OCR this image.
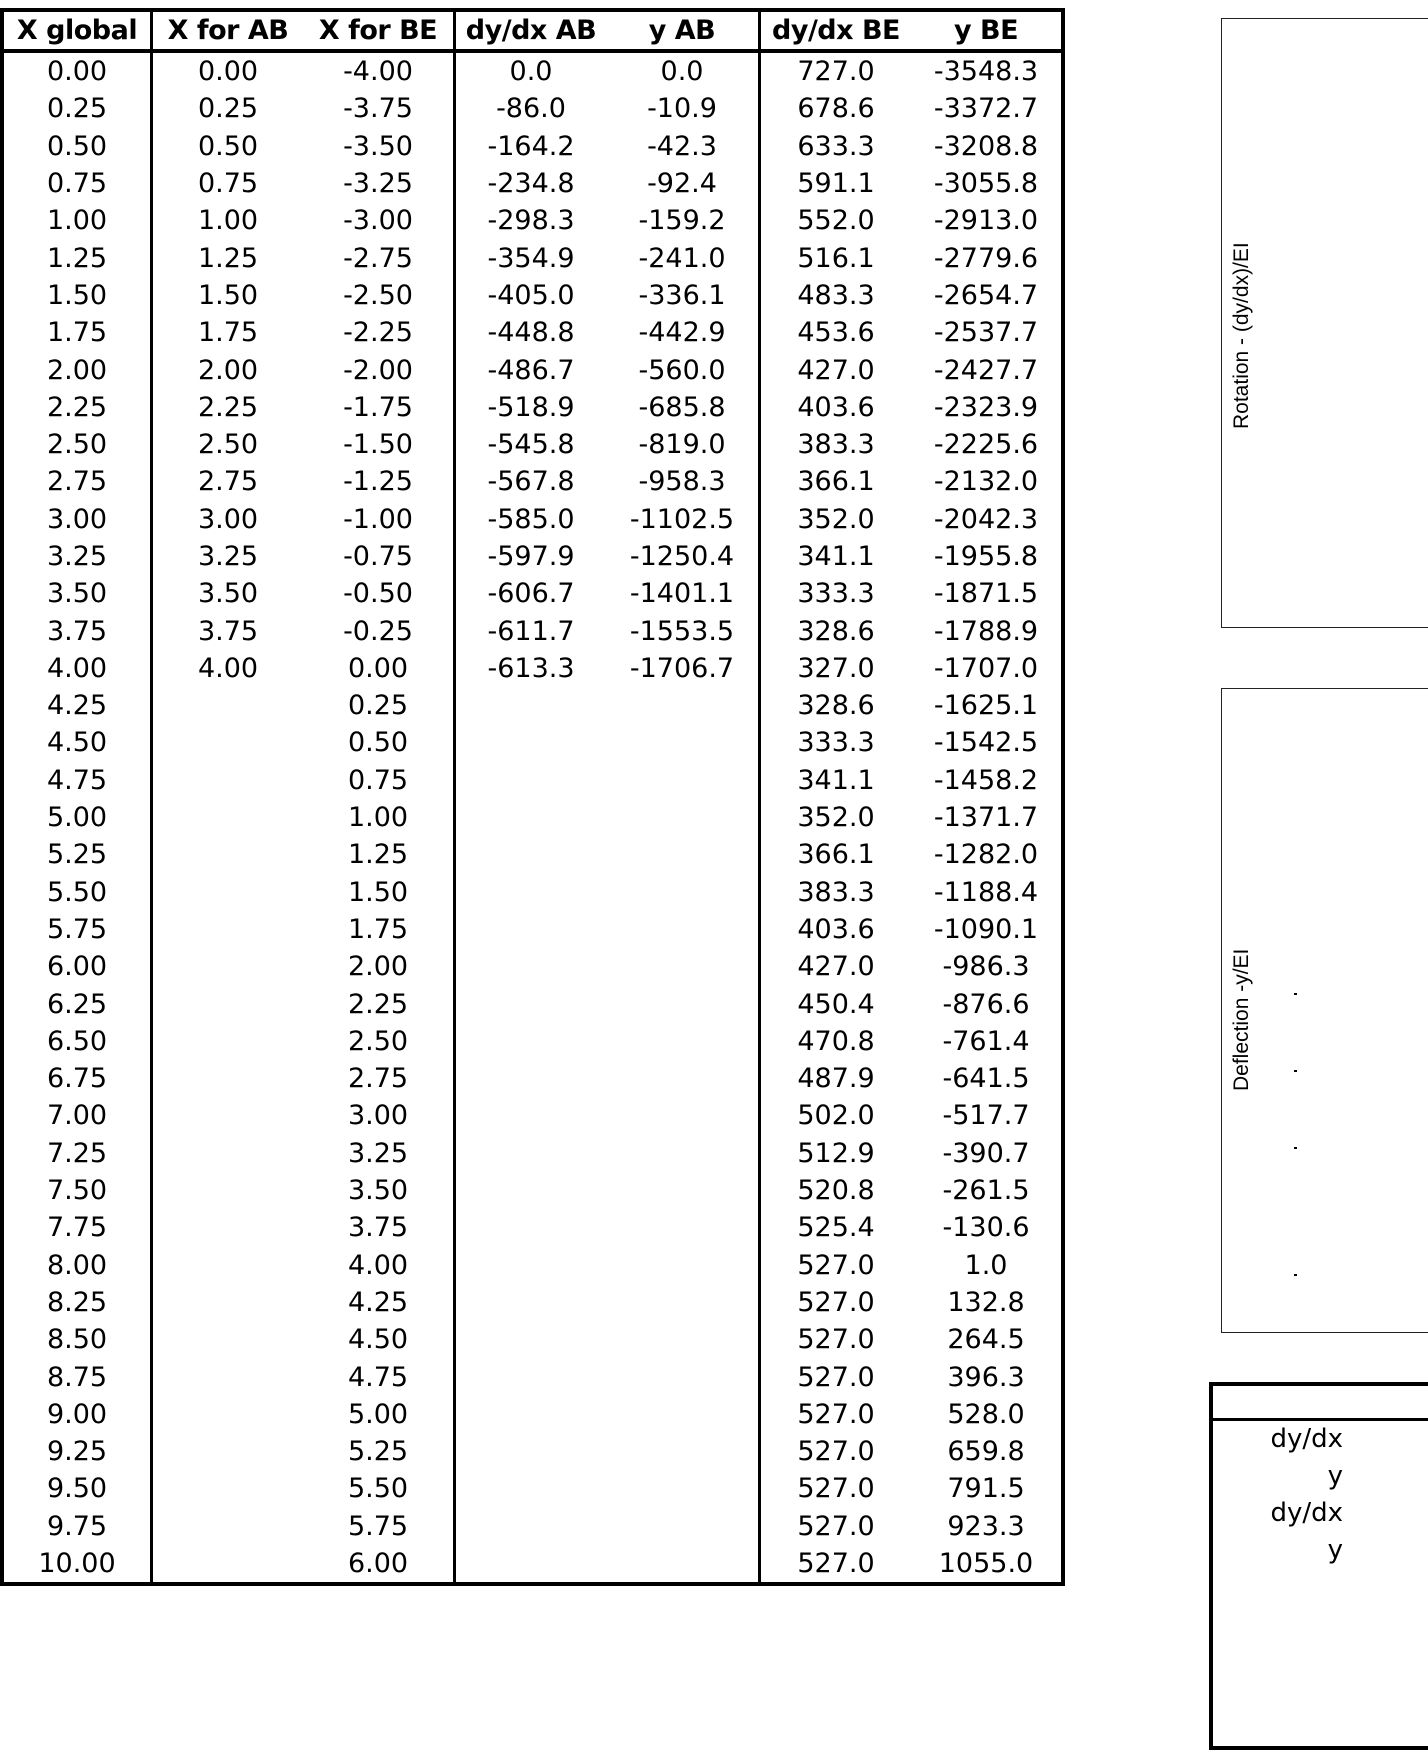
X global	X for AB	X for BE	dy/dx AB	y AB	dy/dx BE	y BE
0.00	0.00	-4.00	0.0	0.0	727.0	-3548.3
0.25	0.25	-3.75	-86.0	-10.9	678.6	-3372.7
0.50	0.50	-3.50	-164.2	-42.3	633.3	-3208.8
0.75	0.75	-3.25	-234.8	-92.4	591.1	-3055.8
1.00	1.00	-3.00	-298.3	-159.2	552.0	-2913.0
1.25	1.25	-2.75	-354.9	-241.0	516.1	-2779.6
1.50	1.50	-2.50	-405.0	-336.1	483.3	-2654.7
1.75	1.75	-2.25	-448.8	-442.9	453.6	-2537.7
2.00	2.00	-2.00	-486.7	-560.0	427.0	-2427.7
2.25	2.25	-1.75	-518.9	-685.8	403.6	-2323.9
2.50	2.50	-1.50	-545.8	-819.0	383.3	-2225.6
2.75	2.75	-1.25	-567.8	-958.3	366.1	-2132.0
3.00	3.00	-1.00	-585.0	-1102.5	352.0	-2042.3
3.25	3.25	-0.75	-597.9	-1250.4	341.1	-1955.8
3.50	3.50	-0.50	-606.7	-1401.1	333.3	-1871.5
3.75	3.75	-0.25	-611.7	-1553.5	328.6	-1788.9
4.00	4.00	0.00	-613.3	-1706.7	327.0	-1707.0
4.25		0.25			328.6	-1625.1
4.50		0.50			333.3	-1542.5
4.75		0.75			341.1	-1458.2
5.00		1.00			352.0	-1371.7
5.25		1.25			366.1	-1282.0
5.50		1.50			383.3	-1188.4
5.75		1.75			403.6	-1090.1
6.00		2.00			427.0	-986.3
6.25		2.25			450.4	-876.6
6.50		2.50			470.8	-761.4
6.75		2.75			487.9	-641.5
7.00		3.00			502.0	-517.7
7.25		3.25			512.9	-390.7
7.50		3.50			520.8	-261.5
7.75		3.75			525.4	-130.6
8.00		4.00			527.0	1.0
8.25		4.25			527.0	132.8
8.50		4.50			527.0	264.5
8.75		4.75			527.0	396.3
9.00		5.00			527.0	528.0
9.25		5.25			527.0	659.8
9.50		5.50			527.0	791.5
9.75		5.75			527.0	923.3
10.00		6.00			527.0	1055.0
Rotation - (dy/dx)/EI
Deflection -y/EI
dy/dx
y
dy/dx
y
